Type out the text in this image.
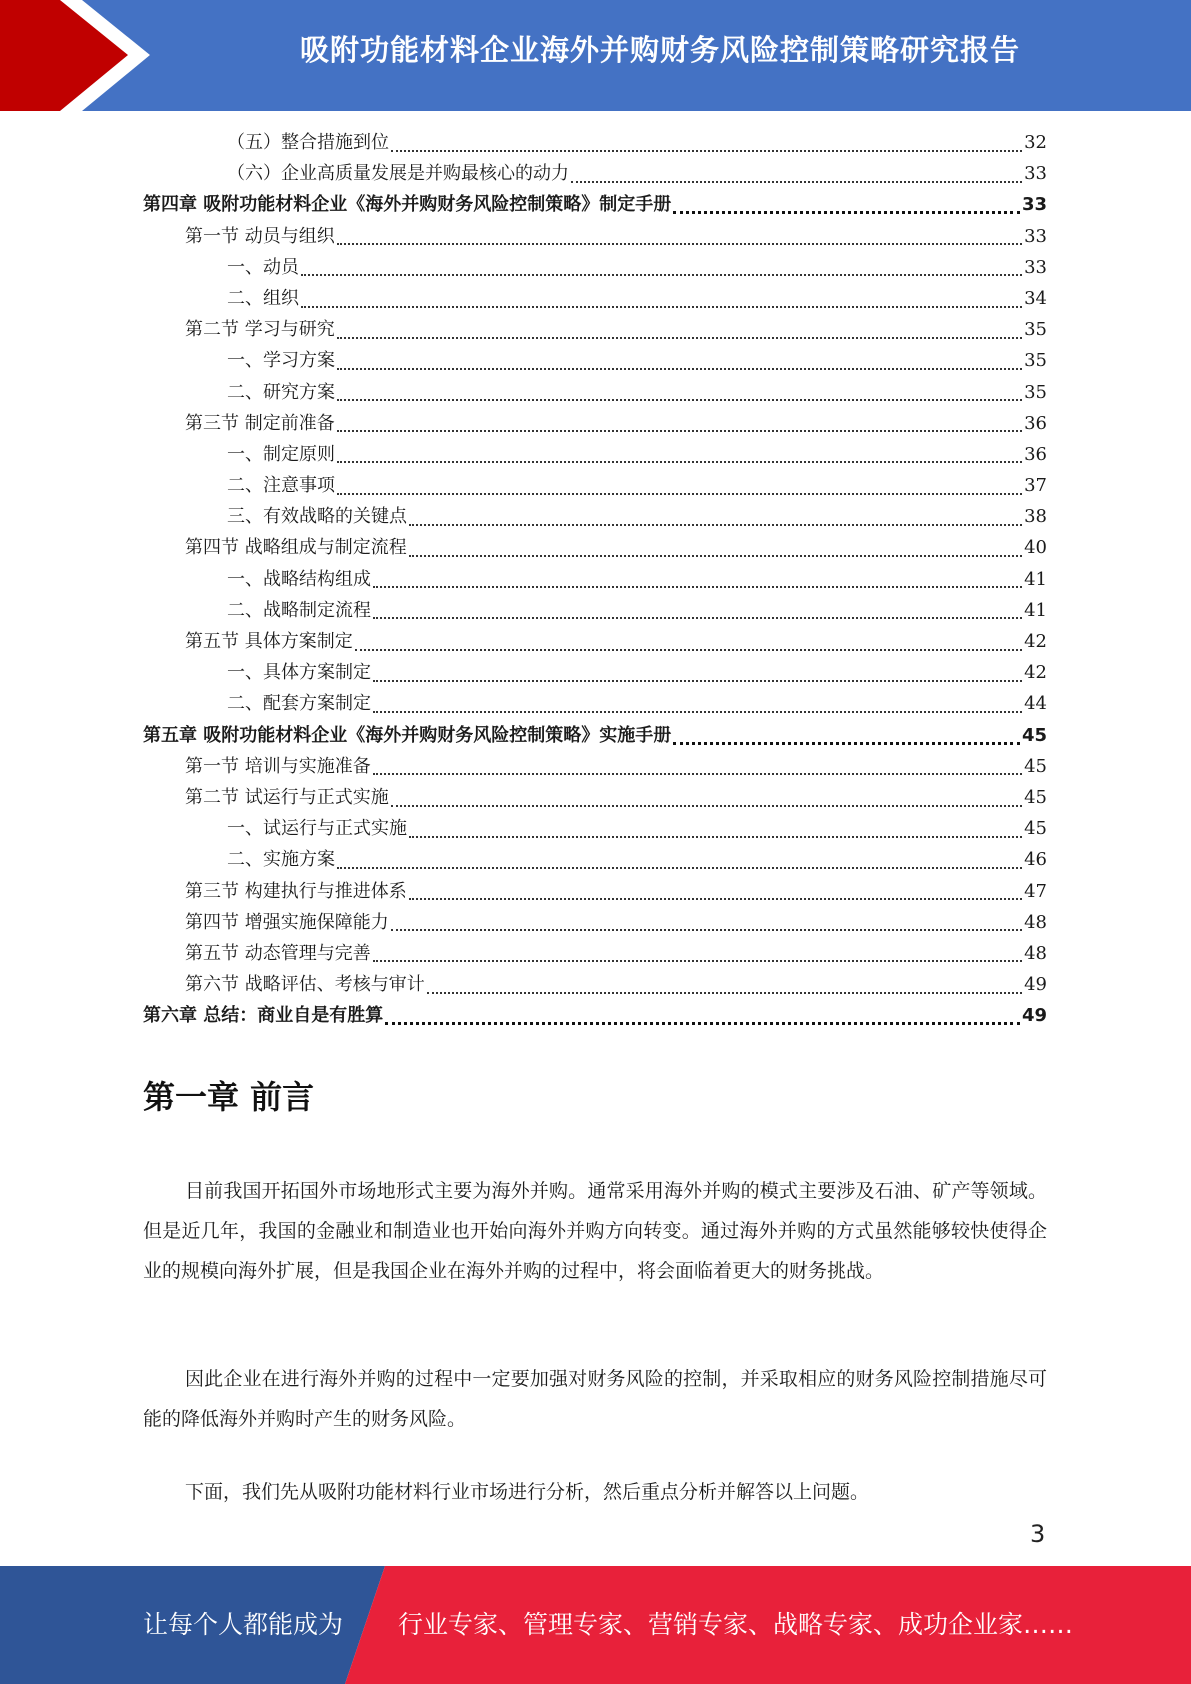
吸附功能材料企业海外并购财务风险控制策略研究报告
（五）整合措施到位	32
（六）企业高质量发展是并购最核心的动力	33
第四章 吸附功能材料企业《海外并购财务风险控制策略》制定手册	33
第一节 动员与组织	33
一、动员	33
二、组织	34
第二节 学习与研究	35
一、学习方案	35
二、研究方案	35
第三节 制定前准备	36
一、制定原则	36
二、注意事项	37
三、有效战略的关键点	38
第四节 战略组成与制定流程	40
一、战略结构组成	41
二、战略制定流程	41
第五节 具体方案制定	42
一、具体方案制定	42
二、配套方案制定	44
第五章 吸附功能材料企业《海外并购财务风险控制策略》实施手册	45
第一节 培训与实施准备	45
第二节 试运行与正式实施	45
一、试运行与正式实施	45
二、实施方案	46
第三节 构建执行与推进体系	47
第四节 增强实施保障能力	48
第五节 动态管理与完善	48
第六节 战略评估、考核与审计	49
第六章 总结：商业自是有胜算	49
第一章 前言

目前我国开拓国外市场地形式主要为海外并购。通常采用海外并购的模式主要涉及石油、矿产等领域。但是近几年，我国的金融业和制造业也开始向海外并购方向转变。通过海外并购的方式虽然能够较快使得企业的规模向海外扩展，但是我国企业在海外并购的过程中，将会面临着更大的财务挑战。

因此企业在进行海外并购的过程中一定要加强对财务风险的控制，并采取相应的财务风险控制措施尽可能的降低海外并购时产生的财务风险。

下面，我们先从吸附功能材料行业市场进行分析，然后重点分析并解答以上问题。

3
让每个人都能成为 行业专家、管理专家、营销专家、战略专家、成功企业家……
